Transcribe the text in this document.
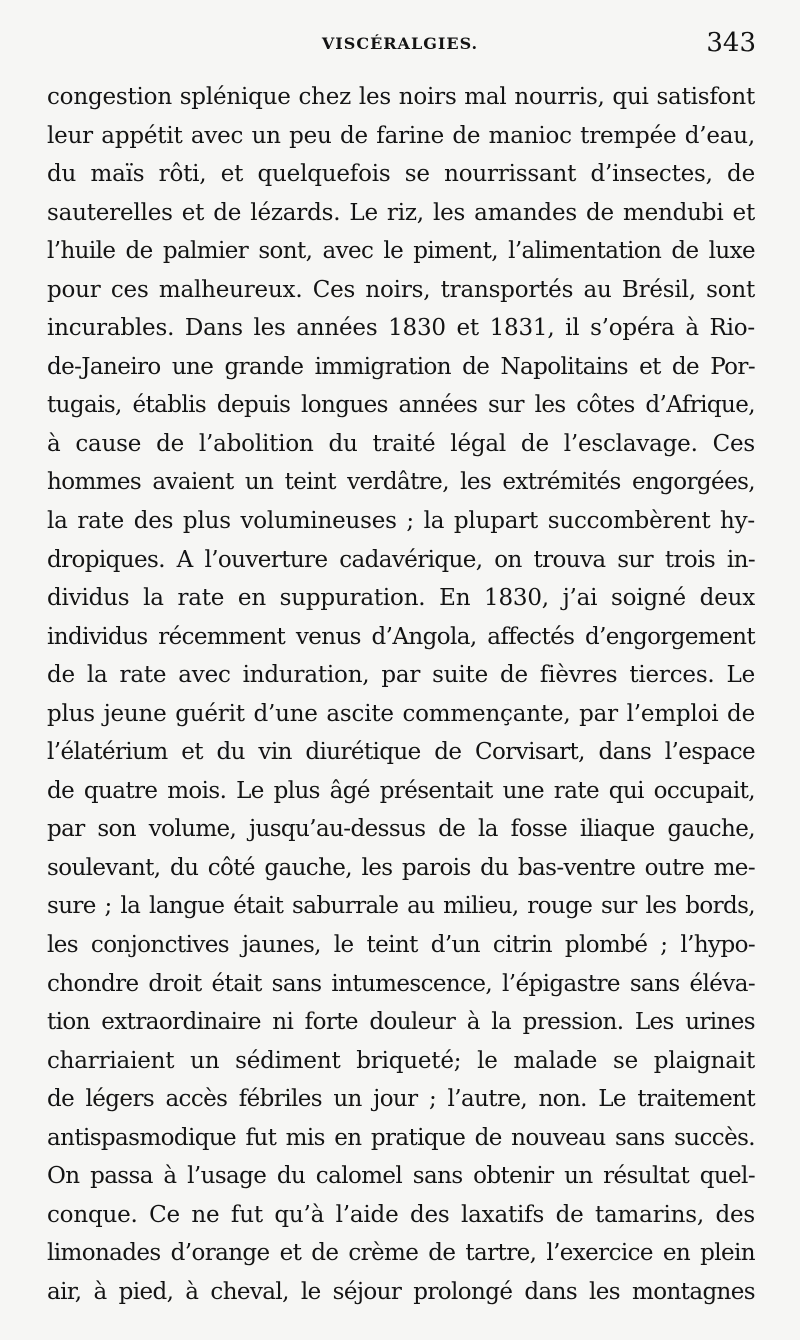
VISCÉRALGIES.	343
congestion splénique chez les noirs mal nourris, qui satisfont
leur appétit avec un peu de farine de manioc trempée d’eau,
du maïs rôti, et quelquefois se nourrissant d’insectes, de
sauterelles et de lézards. Le riz, les amandes de mendubi et
l’huile de palmier sont, avec le piment, l’alimentation de luxe
pour ces malheureux. Ces noirs, transportés au Brésil, sont
incurables. Dans les années 1830 et 1831, il s’opéra à Rio-
de-Janeiro une grande immigration de Napolitains et de Por-
tugais, établis depuis longues années sur les côtes d’Afrique,
à cause de l’abolition du traité légal de l’esclavage. Ces
hommes avaient un teint verdâtre, les extrémités engorgées,
la rate des plus volumineuses ; la plupart succombèrent hy-
dropiques. A l’ouverture cadavérique, on trouva sur trois in-
dividus la rate en suppuration. En 1830, j’ai soigné deux
individus récemment venus d’Angola, affectés d’engorgement
de la rate avec induration, par suite de fièvres tierces. Le
plus jeune guérit d’une ascite commençante, par l’emploi de
l’élatérium et du vin diurétique de Corvisart, dans l’espace
de quatre mois. Le plus âgé présentait une rate qui occupait,
par son volume, jusqu’au-dessus de la fosse iliaque gauche,
soulevant, du côté gauche, les parois du bas-ventre outre me-
sure ; la langue était saburrale au milieu, rouge sur les bords,
les conjonctives jaunes, le teint d’un citrin plombé ; l’hypo-
chondre droit était sans intumescence, l’épigastre sans éléva-
tion extraordinaire ni forte douleur à la pression. Les urines
charriaient un sédiment briqueté; le malade se plaignait
de légers accès fébriles un jour ; l’autre, non. Le traitement
antispasmodique fut mis en pratique de nouveau sans succès.
On passa à l’usage du calomel sans obtenir un résultat quel-
conque. Ce ne fut qu’à l’aide des laxatifs de tamarins, des
limonades d’orange et de crème de tartre, l’exercice en plein
air, à pied, à cheval, le séjour prolongé dans les montagnes
